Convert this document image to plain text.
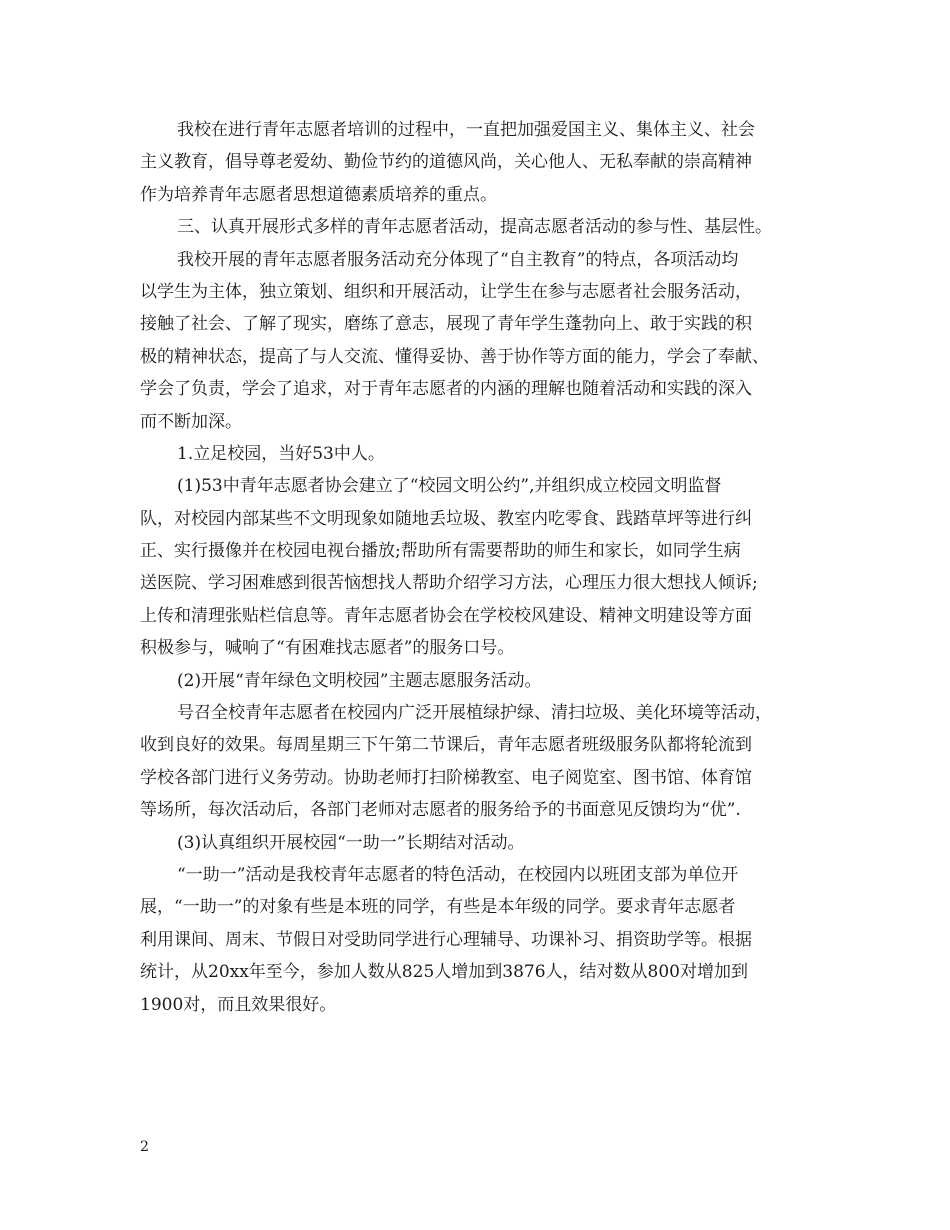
我校在进行青年志愿者培训的过程中，一直把加强爱国主义、集体主义、社会
主义教育，倡导尊老爱幼、勤俭节约的道德风尚，关心他人、无私奉献的崇高精神
作为培养青年志愿者思想道德素质培养的重点。
三、认真开展形式多样的青年志愿者活动，提高志愿者活动的参与性、基层性。
我校开展的青年志愿者服务活动充分体现了“自主教育”的特点，各项活动均
以学生为主体，独立策划、组织和开展活动，让学生在参与志愿者社会服务活动，
接触了社会、了解了现实，磨练了意志，展现了青年学生蓬勃向上、敢于实践的积
极的精神状态，提高了与人交流、懂得妥协、善于协作等方面的能力，学会了奉献、
学会了负责，学会了追求，对于青年志愿者的内涵的理解也随着活动和实践的深入
而不断加深。
1.立足校园，当好53中人。
(1)53中青年志愿者协会建立了“校园文明公约”,并组织成立校园文明监督
队，对校园内部某些不文明现象如随地丢垃圾、教室内吃零食、践踏草坪等进行纠
正、实行摄像并在校园电视台播放;帮助所有需要帮助的师生和家长，如同学生病
送医院、学习困难感到很苦恼想找人帮助介绍学习方法，心理压力很大想找人倾诉;
上传和清理张贴栏信息等。青年志愿者协会在学校校风建设、精神文明建设等方面
积极参与，喊响了“有困难找志愿者”的服务口号。
(2)开展“青年绿色文明校园”主题志愿服务活动。
号召全校青年志愿者在校园内广泛开展植绿护绿、清扫垃圾、美化环境等活动，
收到良好的效果。每周星期三下午第二节课后，青年志愿者班级服务队都将轮流到
学校各部门进行义务劳动。协助老师打扫阶梯教室、电子阅览室、图书馆、体育馆
等场所，每次活动后，各部门老师对志愿者的服务给予的书面意见反馈均为“优”.
(3)认真组织开展校园“一助一”长期结对活动。
“一助一”活动是我校青年志愿者的特色活动，在校园内以班团支部为单位开
展，“一助一”的对象有些是本班的同学，有些是本年级的同学。要求青年志愿者
利用课间、周末、节假日对受助同学进行心理辅导、功课补习、捐资助学等。根据
统计，从20xx年至今，参加人数从825人增加到3876人，结对数从800对增加到
1900对，而且效果很好。
2
